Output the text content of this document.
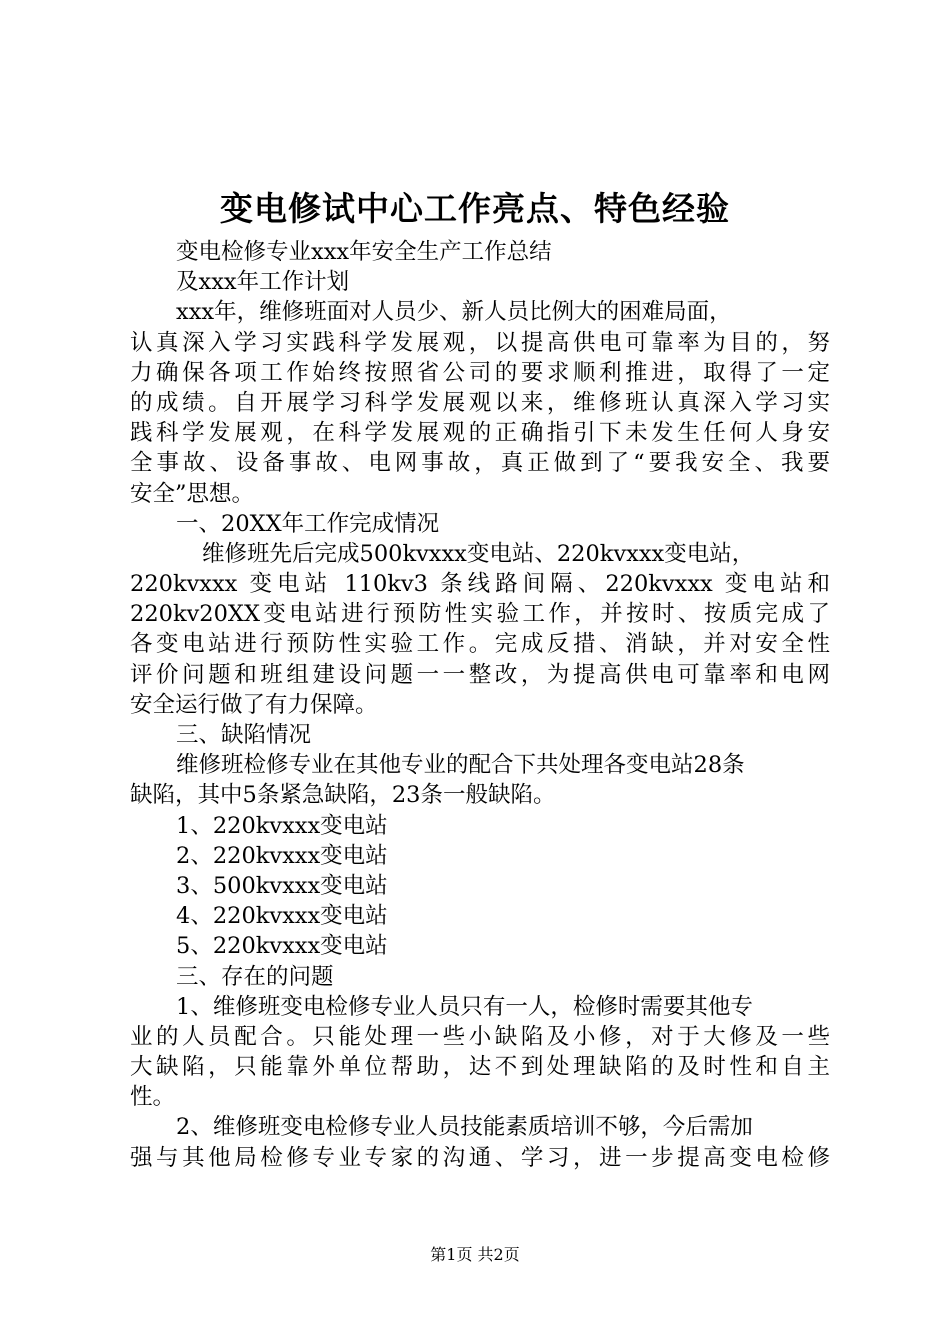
变电修试中心工作亮点、特色经验
变电检修专业xxx年安全生产工作总结
及xxx年工作计划
xxx年，维修班面对人员少、新人员比例大的困难局面，
认真深入学习实践科学发展观，以提高供电可靠率为目的，努
力确保各项工作始终按照省公司的要求顺利推进，取得了一定
的成绩。自开展学习科学发展观以来，维修班认真深入学习实
践科学发展观，在科学发展观的正确指引下未发生任何人身安
全事故、设备事故、电网事故，真正做到了“要我安全、我要
安全”思想。
一、20XX年工作完成情况
维修班先后完成500kvxxx变电站、220kvxxx变电站，
220kvxxx 变电站 110kv3 条线路间隔、220kvxxx 变电站和
220kv20XX变电站进行预防性实验工作，并按时、按质完成了
各变电站进行预防性实验工作。完成反措、消缺，并对安全性
评价问题和班组建设问题一一整改，为提高供电可靠率和电网
安全运行做了有力保障。
三、缺陷情况
维修班检修专业在其他专业的配合下共处理各变电站28条
缺陷，其中5条紧急缺陷，23条一般缺陷。
1、220kvxxx变电站
2、220kvxxx变电站
3、500kvxxx变电站
4、220kvxxx变电站
5、220kvxxx变电站
三、存在的问题
1、维修班变电检修专业人员只有一人，检修时需要其他专
业的人员配合。只能处理一些小缺陷及小修，对于大修及一些
大缺陷，只能靠外单位帮助，达不到处理缺陷的及时性和自主
性。
2、维修班变电检修专业人员技能素质培训不够，今后需加
强与其他局检修专业专家的沟通、学习，进一步提高变电检修
第1页 共2页
